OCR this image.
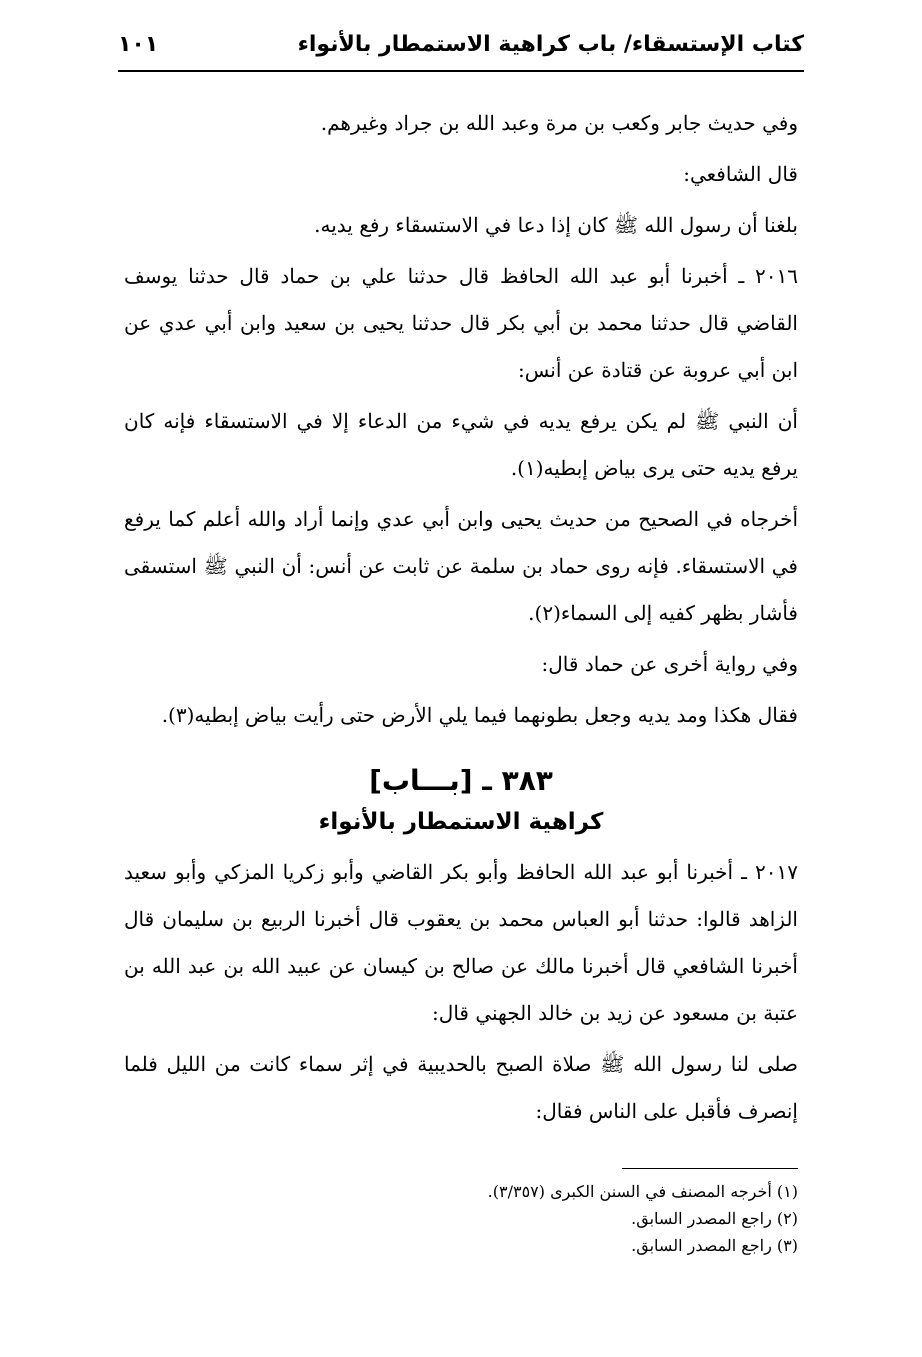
كتاب الإستسقاء/ باب كراهية الاستمطار بالأنواء
١٠١

وفي حديث جابر وكعب بن مرة وعبد الله بن جراد وغيرهم.

قال الشافعي:

بلغنا أن رسول الله ﷺ كان إذا دعا في الاستسقاء رفع يديه.

٢٠١٦ ـ أخبرنا أبو عبد الله الحافظ قال حدثنا علي بن حماد قال حدثنا يوسف القاضي قال حدثنا محمد بن أبي بكر قال حدثنا يحيى بن سعيد وابن أبي عدي عن ابن أبي عروبة عن قتادة عن أنس:

أن النبي ﷺ لم يكن يرفع يديه في شيء من الدعاء إلا في الاستسقاء فإنه كان يرفع يديه حتى يرى بياض إبطيه(١).

أخرجاه في الصحيح من حديث يحيى وابن أبي عدي وإنما أراد والله أعلم كما يرفع في الاستسقاء. فإنه روى حماد بن سلمة عن ثابت عن أنس: أن النبي ﷺ استسقى فأشار بظهر كفيه إلى السماء(٢).

وفي رواية أخرى عن حماد قال:

فقال هكذا ومد يديه وجعل بطونهما فيما يلي الأرض حتى رأيت بياض إبطيه(٣).

٣٨٣ ـ [بـــاب]

كراهية الاستمطار بالأنواء

٢٠١٧ ـ أخبرنا أبو عبد الله الحافظ وأبو بكر القاضي وأبو زكريا المزكي وأبو سعيد الزاهد قالوا: حدثنا أبو العباس محمد بن يعقوب قال أخبرنا الربيع بن سليمان قال أخبرنا الشافعي قال أخبرنا مالك عن صالح بن كيسان عن عبيد الله بن عبد الله بن عتبة بن مسعود عن زيد بن خالد الجهني قال:

صلى لنا رسول الله ﷺ صلاة الصبح بالحديبية في إثر سماء كانت من الليل فلما إنصرف فأقبل على الناس فقال:

(١) أخرجه المصنف في السنن الكبرى (٣/٣٥٧).

(٢) راجع المصدر السابق.

(٣) راجع المصدر السابق.
